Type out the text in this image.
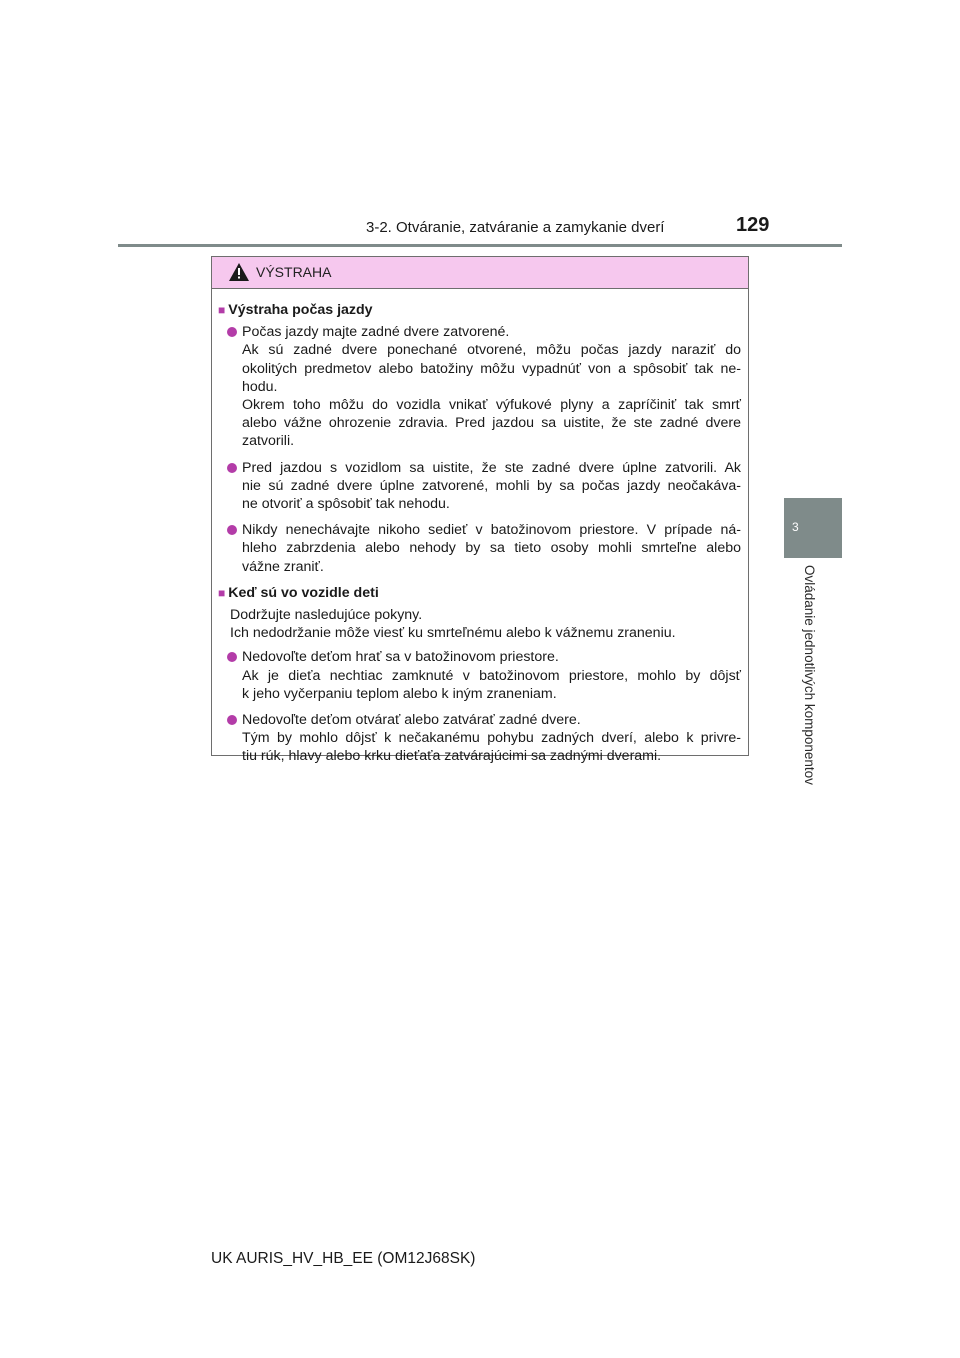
3-2. Otváranie, zatváranie a zamykanie dverí	129
3
Ovládanie jednotlivých komponentov
VÝSTRAHA
■ Výstraha počas jazdy
Počas jazdy majte zadné dvere zatvorené.
Ak sú zadné dvere ponechané otvorené, môžu počas jazdy naraziť do
okolitých predmetov alebo batožiny môžu vypadnúť von a spôsobiť tak ne-
hodu.
Okrem toho môžu do vozidla vnikať výfukové plyny a zapríčiniť tak smrť
alebo vážne ohrozenie zdravia. Pred jazdou sa uistite, že ste zadné dvere
zatvorili.
Pred jazdou s vozidlom sa uistite, že ste zadné dvere úplne zatvorili. Ak
nie sú zadné dvere úplne zatvorené, mohli by sa počas jazdy neočakáva-
ne otvoriť a spôsobiť tak nehodu.
Nikdy nenechávajte nikoho sedieť v batožinovom priestore. V prípade ná-
hleho zabrzdenia alebo nehody by sa tieto osoby mohli smrteľne alebo
vážne zraniť.
■ Keď sú vo vozidle deti
Dodržujte nasledujúce pokyny.
Ich nedodržanie môže viesť ku smrteľnému alebo k vážnemu zraneniu.
Nedovoľte deťom hrať sa v batožinovom priestore.
Ak je dieťa nechtiac zamknuté v batožinovom priestore, mohlo by dôjsť
k jeho vyčerpaniu teplom alebo k iným zraneniam.
Nedovoľte deťom otvárať alebo zatvárať zadné dvere.
Tým by mohlo dôjsť k nečakanému pohybu zadných dverí, alebo k privre-
tiu rúk, hlavy alebo krku dieťaťa zatvárajúcimi sa zadnými dverami.
UK AURIS_HV_HB_EE (OM12J68SK)
